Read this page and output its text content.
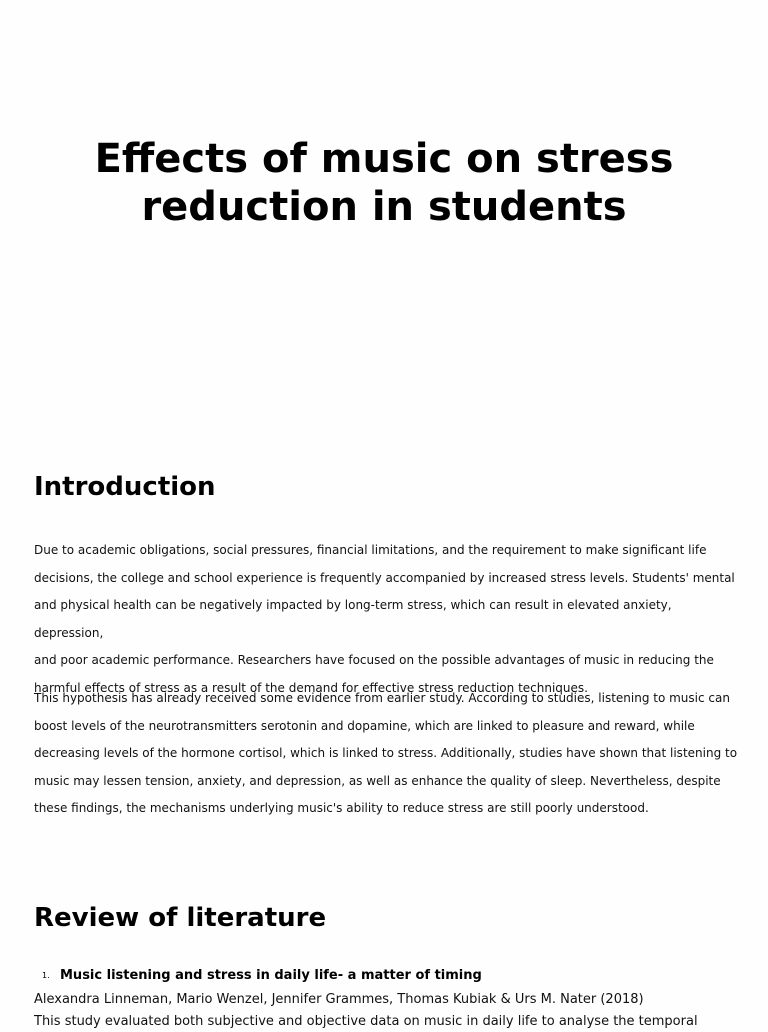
Effects of music on stress
reduction in students
Introduction

Due to academic obligations, social pressures, financial limitations, and the requirement to make significant life
decisions, the college and school experience is frequently accompanied by increased stress levels. Students' mental
and physical health can be negatively impacted by long-term stress, which can result in elevated anxiety, depression,
and poor academic performance. Researchers have focused on the possible advantages of music in reducing the
harmful effects of stress as a result of the demand for effective stress reduction techniques.

This hypothesis has already received some evidence from earlier study. According to studies, listening to music can
boost levels of the neurotransmitters serotonin and dopamine, which are linked to pleasure and reward, while
decreasing levels of the hormone cortisol, which is linked to stress. Additionally, studies have shown that listening to
music may lessen tension, anxiety, and depression, as well as enhance the quality of sleep. Nevertheless, despite
these findings, the mechanisms underlying music's ability to reduce stress are still poorly understood.

Review of literature

1. Music listening and stress in daily life- a matter of timing

Alexandra Linneman, Mario Wenzel, Jennifer Grammes, Thomas Kubiak & Urs M. Nater (2018)

This study evaluated both subjective and objective data on music in daily life to analyse the temporal
